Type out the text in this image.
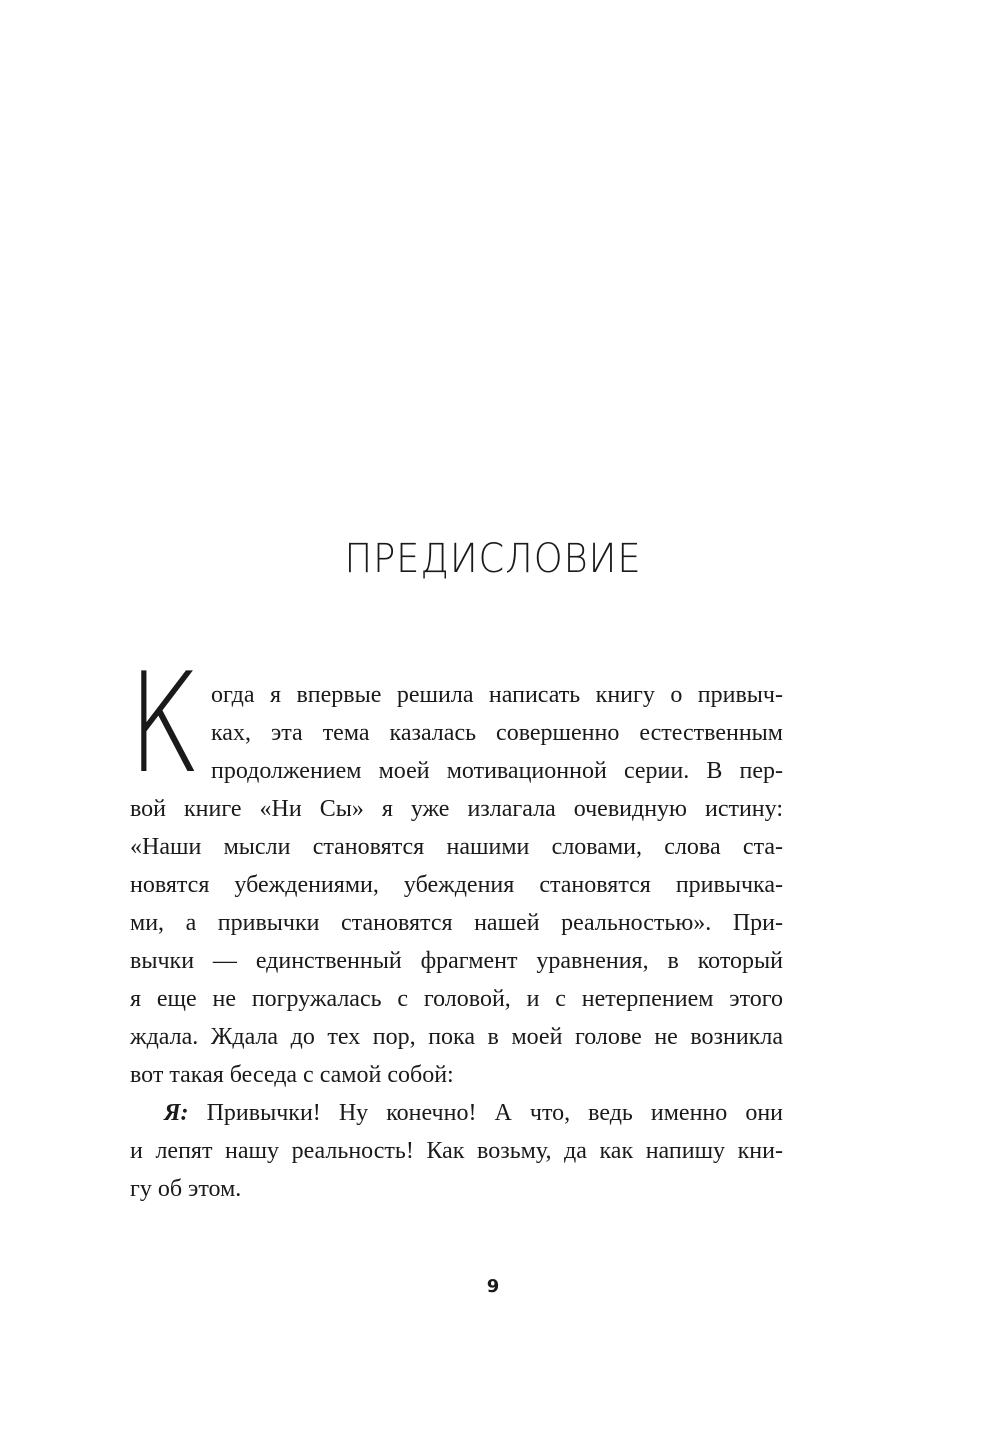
ПРЕДИСЛОВИЕ
К огда я впервые решила написать книгу о привыч-
ках, эта тема казалась совершенно естественным
продолжением моей мотивационной серии. В пер-
вой книге «Ни Сы» я уже излагала очевидную истину:
«Наши мысли становятся нашими словами, слова ста-
новятся убеждениями, убеждения становятся привычка-
ми, а привычки становятся нашей реальностью». При-
вычки — единственный фрагмент уравнения, в который
я еще не погружалась с головой, и с нетерпением этого
ждала. Ждала до тех пор, пока в моей голове не возникла
вот такая беседа с самой собой:
Я: Привычки! Ну конечно! А что, ведь именно они
и лепят нашу реальность! Как возьму, да как напишу кни-
гу об этом.
9
